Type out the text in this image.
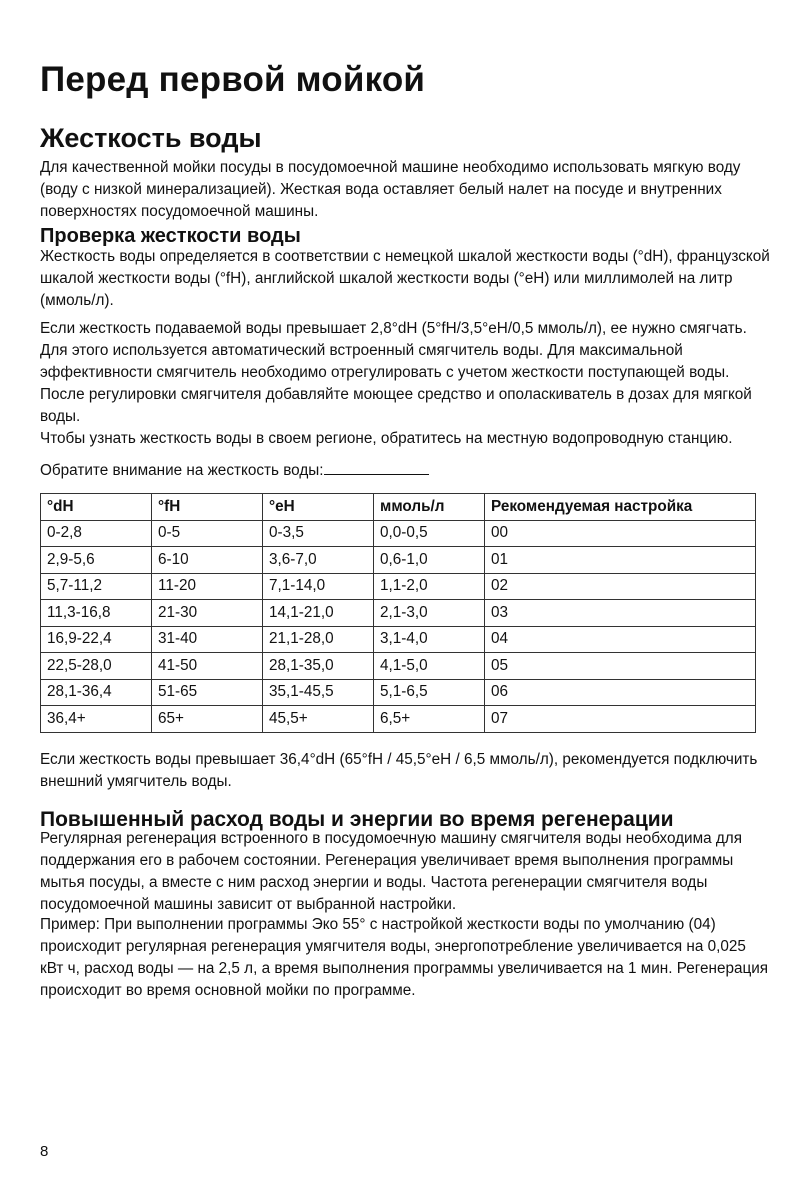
Перед первой мойкой
Жесткость воды

Для качественной мойки посуды в посудомоечной машине необходимо использовать мягкую воду (воду с низкой минерализацией). Жесткая вода оставляет белый налет на посуде и внутренних поверхностях посудомоечной машины.

Проверка жесткости воды

Жесткость воды определяется в соответствии с немецкой шкалой жесткости воды (°dH), французской шкалой жесткости воды (°fH), английской шкалой жесткости воды (°eH) или миллимолей на литр (ммоль/л).

Если жесткость подаваемой воды превышает 2,8°dH (5°fH/3,5°eH/0,5 ммоль/л), ее нужно смягчать. Для этого используется автоматический встроенный смягчитель воды. Для максимальной эффективности смягчитель необходимо отрегулировать с учетом жесткости поступающей воды. После регулировки смягчителя добавляйте моющее средство и ополаскиватель в дозах для мягкой воды.

Чтобы узнать жесткость воды в своем регионе, обратитесь на местную водопроводную станцию.

Обратите внимание на жесткость воды:

°dH	°fH	°eH	ммоль/л	Рекомендуемая настройка
0-2,8	0-5	0-3,5	0,0-0,5	00
2,9-5,6	6-10	3,6-7,0	0,6-1,0	01
5,7-11,2	11-20	7,1-14,0	1,1-2,0	02
11,3-16,8	21-30	14,1-21,0	2,1-3,0	03
16,9-22,4	31-40	21,1-28,0	3,1-4,0	04
22,5-28,0	41-50	28,1-35,0	4,1-5,0	05
28,1-36,4	51-65	35,1-45,5	5,1-6,5	06
36,4+	65+	45,5+	6,5+	07

Если жесткость воды превышает 36,4°dH (65°fH / 45,5°eH / 6,5 ммоль/л), рекомендуется подключить внешний умягчитель воды.

Повышенный расход воды и энергии во время регенерации

Регулярная регенерация встроенного в посудомоечную машину смягчителя воды необходима для поддержания его в рабочем состоянии. Регенерация увеличивает время выполнения программы мытья посуды, а вместе с ним расход энергии и воды. Частота регенерации смягчителя воды посудомоечной машины зависит от выбранной настройки.

Пример: При выполнении программы Эко 55° с настройкой жесткости воды по умолчанию (04) происходит регулярная регенерация умягчителя воды, энергопотребление увеличивается на 0,025 кВт ч, расход воды — на 2,5 л, а время выполнения программы увеличивается на 1 мин. Регенерация происходит во время основной мойки по программе.

8
